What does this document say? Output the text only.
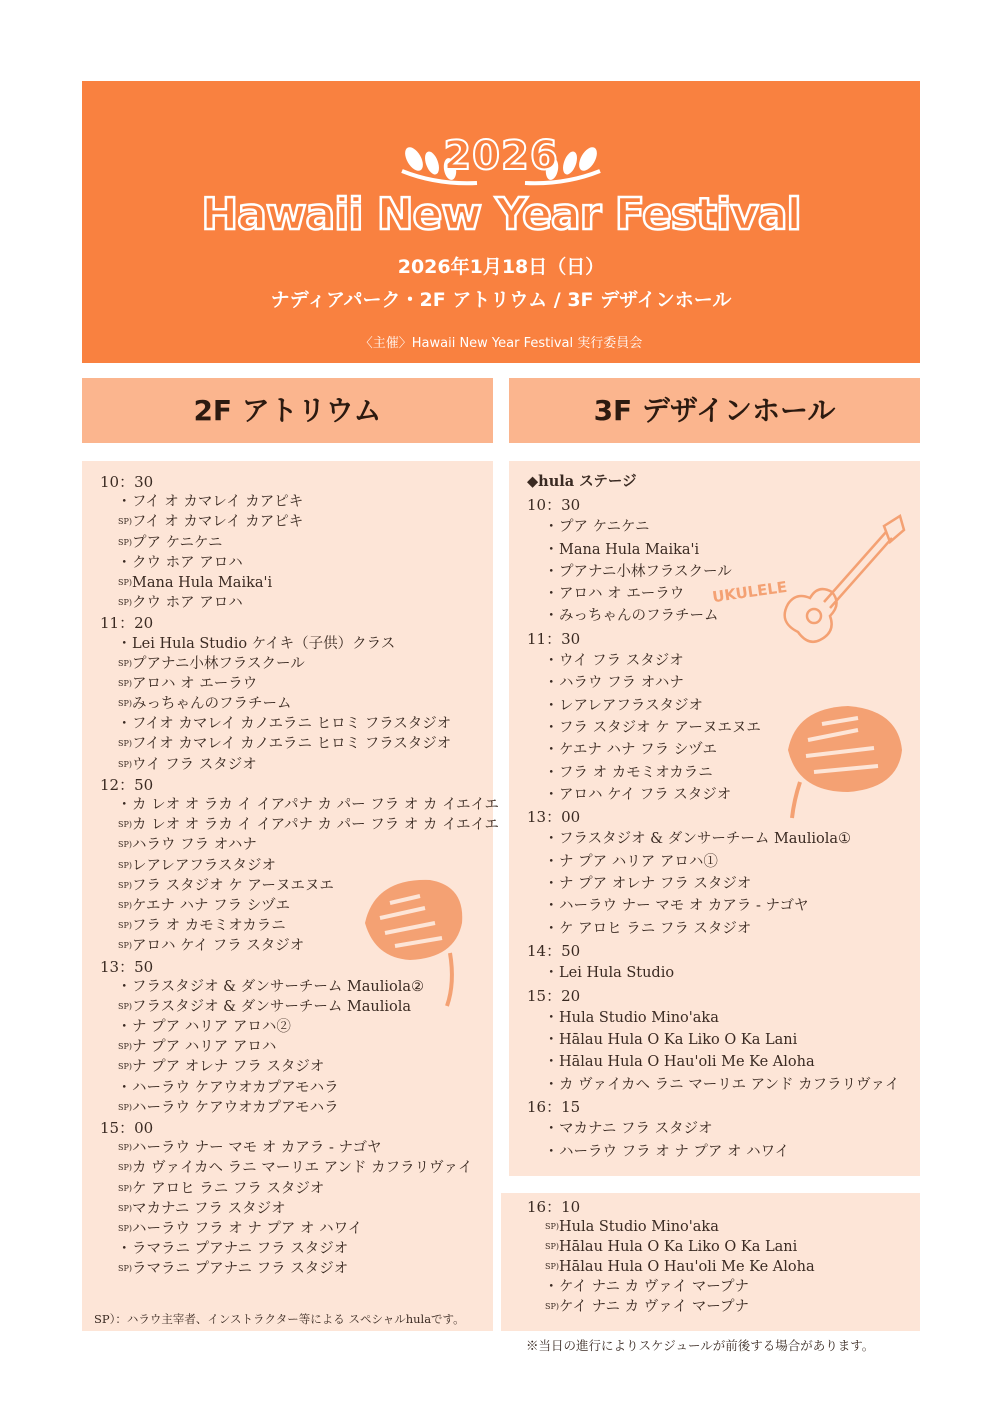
2026
Hawaii New Year Festival
2026年1月18日（日）
ナディアパーク・2F アトリウム / 3F デザインホール
〈主催〉Hawaii New Year Festival 実行委員会
2F アトリウム	3F デザインホール
10：30
・ フイ オ カマレイ カアピキ
SP) フイ オ カマレイ カアピキ
SP) プア ケニケニ
・ クウ ホア アロハ
SP) Mana Hula Maika'i
SP) クウ ホア アロハ
11：20
・ Lei Hula Studio ケイキ（子供）クラス
SP) プアナニ小林フラスクール
SP) アロハ オ エーラウ
SP) みっちゃんのフラチーム
・ フイオ カマレイ カノエラニ ヒロミ フラスタジオ
SP) フイオ カマレイ カノエラニ ヒロミ フラスタジオ
SP) ウイ フラ スタジオ
12：50
・ カ レオ オ ラカ イ イアパナ カ パー フラ オ カ イエイエ
SP) カ レオ オ ラカ イ イアパナ カ パー フラ オ カ イエイエ
SP) ハラウ フラ オハナ
SP) レアレアフラスタジオ
SP) フラ スタジオ ケ アーヌエヌエ
SP) ケエナ ハナ フラ シヅエ
SP) フラ オ カモミオカラニ
SP) アロハ ケイ フラ スタジオ
13：50
・ フラスタジオ & ダンサーチーム Mauliola②
SP) フラスタジオ & ダンサーチーム Mauliola
・ ナ プア ハリア アロハ②
SP) ナ プア ハリア アロハ
SP) ナ プア オレナ フラ スタジオ
・ ハーラウ ケアウオカプアモハラ
SP) ハーラウ ケアウオカプアモハラ
15：00
SP) ハーラウ ナー マモ オ カアラ - ナゴヤ
SP) カ ヴァイカヘ ラニ マーリエ アンド カフラリヴァイ
SP) ケ アロヒ ラニ フラ スタジオ
SP) マカナニ フラ スタジオ
SP) ハーラウ フラ オ ナ プア オ ハワイ
・ ラマラニ プアナニ フラ スタジオ
SP) ラマラニ プアナニ フラ スタジオ
SP）：ハラウ主宰者、インストラクター等による スペシャルhulaです。
UKULELE
◆hula ステージ
10：30
・ プア ケニケニ
・ Mana Hula Maika'i
・ プアナニ小林フラスクール
・ アロハ オ エーラウ
・ みっちゃんのフラチーム
11：30
・ ウイ フラ スタジオ
・ ハラウ フラ オハナ
・ レアレアフラスタジオ
・ フラ スタジオ ケ アーヌエヌエ
・ ケエナ ハナ フラ シヅエ
・ フラ オ カモミオカラニ
・ アロハ ケイ フラ スタジオ
13：00
・ フラスタジオ & ダンサーチーム Mauliola①
・ ナ プア ハリア アロハ①
・ ナ プア オレナ フラ スタジオ
・ ハーラウ ナー マモ オ カアラ - ナゴヤ
・ ケ アロヒ ラニ フラ スタジオ
14：50
・ Lei Hula Studio
15：20
・ Hula Studio Mino'aka
・ Hālau Hula O Ka Liko O Ka Lani
・ Hālau Hula O Hau'oli Me Ke Aloha
・ カ ヴァイカヘ ラニ マーリエ アンド カフラリヴァイ
16：15
・ マカナニ フラ スタジオ
・ ハーラウ フラ オ ナ プア オ ハワイ
16：10
SP) Hula Studio Mino'aka
SP) Hālau Hula O Ka Liko O Ka Lani
SP) Hālau Hula O Hau'oli Me Ke Aloha
・ ケイ ナニ カ ヴァイ マープナ
SP) ケイ ナニ カ ヴァイ マープナ
※当日の進行によりスケジュールが前後する場合があります。
